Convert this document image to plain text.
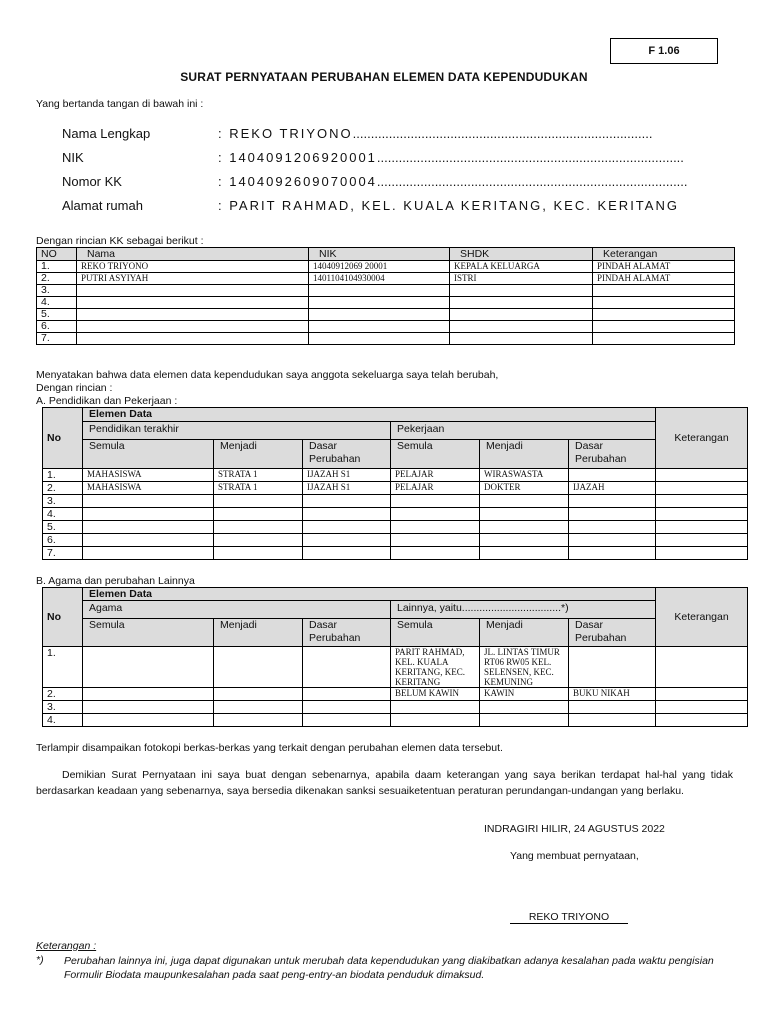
F 1.06
SURAT PERNYATAAN PERUBAHAN ELEMEN DATA KEPENDUDUKAN
Yang bertanda tangan di bawah ini :
Nama Lengkap	: REKO TRIYONO...................................................................................
NIK	: 1404091206920001.....................................................................................
Nomor KK	: 1404092609070004......................................................................................
Alamat rumah	: PARIT RAHMAD, KEL. KUALA KERITANG, KEC. KERITANG
Dengan rincian KK sebagai berikut :
NO	Nama	NIK	SHDK	Keterangan
1.	REKO TRIYONO	14040912069 20001	KEPALA KELUARGA	PINDAH ALAMAT
2.	PUTRI ASYIYAH	1401104104930004	ISTRI	PINDAH ALAMAT
3.				
4.				
5.				
6.				
7.				
Menyatakan bahwa data elemen data kependudukan saya anggota sekeluarga saya telah berubah,
Dengan rincian :
A. Pendidikan dan Pekerjaan :
No	Elemen Data						Keterangan
	Pendidikan terakhir			Pekerjaan			
	Semula	Menjadi	Dasar Perubahan	Semula	Menjadi	Dasar Perubahan	
1.	MAHASISWA	STRATA 1	IJAZAH S1	PELAJAR	WIRASWASTA		
2.	MAHASISWA	STRATA 1	IJAZAH S1	PELAJAR	DOKTER	IJAZAH	
3.							
4.							
5.							
6.							
7.							
B. Agama dan perubahan Lainnya
No	Elemen Data						Keterangan
	Agama			Lainnya, yaitu..................................*)			
	Semula	Menjadi	Dasar Perubahan	Semula	Menjadi	Dasar Perubahan	
1.				PARIT RAHMAD, KEL. KUALA KERITANG, KEC. KERITANG	JL. LINTAS TIMUR RT06 RW05 KEL. SELENSEN, KEC. KEMUNING		
2.				BELUM KAWIN	KAWIN	BUKU NIKAH	
3.							
4.							
Terlampir disampaikan fotokopi berkas-berkas yang terkait dengan perubahan elemen data tersebut.
Demikian Surat Pernyataan ini saya buat dengan sebenarnya, apabila daam keterangan yang saya berikan terdapat hal-hal yang tidak berdasarkan keadaan yang sebenarnya, saya bersedia dikenakan sanksi sesuaiketentuan peraturan perundangan-undangan yang berlaku.
INDRAGIRI HILIR, 24 AGUSTUS 2022
Yang membuat pernyataan,
REKO TRIYONO
Keterangan :
*) Perubahan lainnya ini, juga dapat digunakan untuk merubah data kependudukan yang diakibatkan adanya kesalahan pada waktu pengisian Formulir Biodata maupunkesalahan pada saat peng-entry-an biodata penduduk dimaksud.
